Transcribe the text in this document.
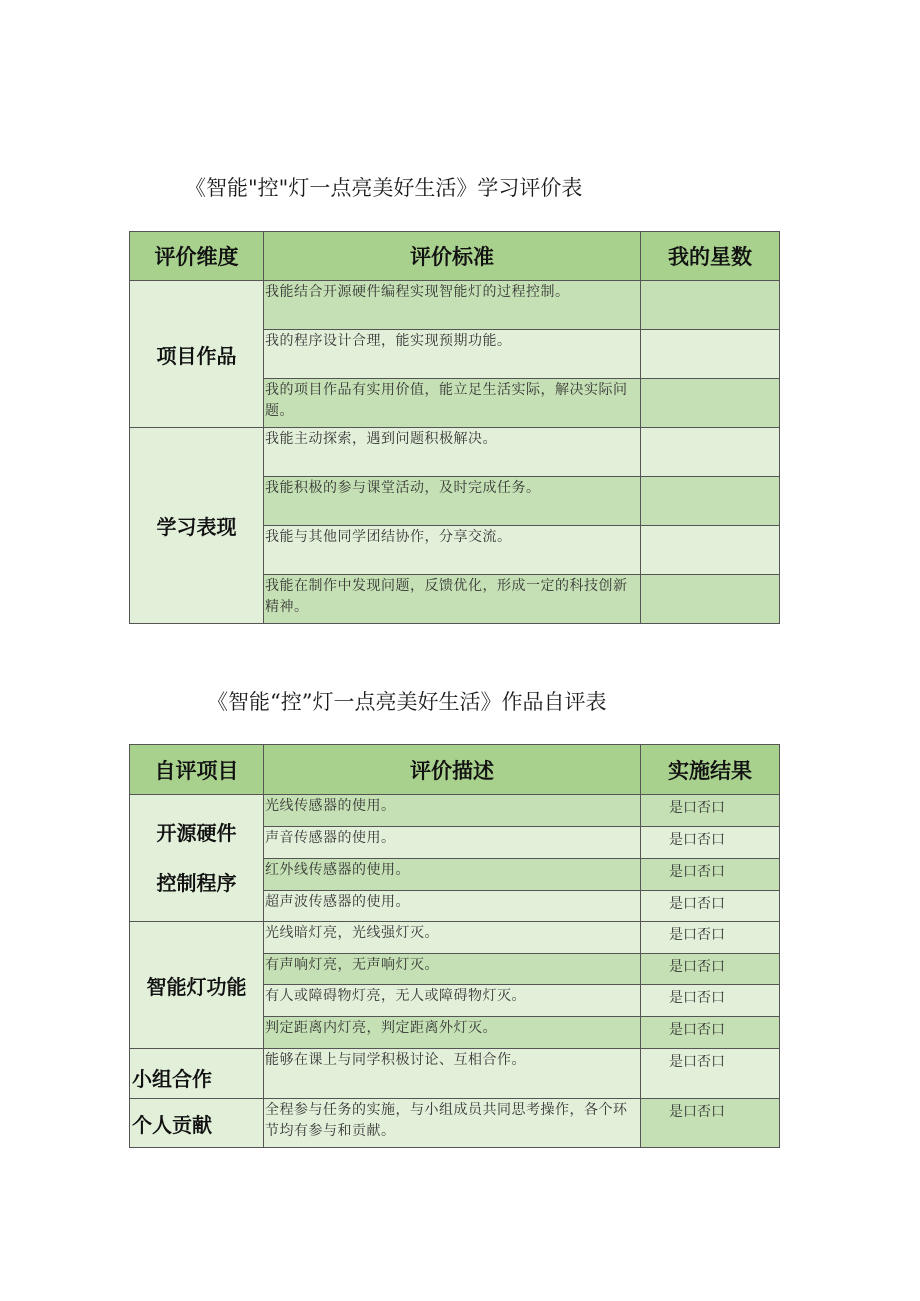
《智能"控"灯一点亮美好生活》学习评价表
评价维度	评价标准	我的星数
项目作品	我能结合开源硬件编程实现智能灯的过程控制。	
	我的程序设计合理，能实现预期功能。	
	我的项目作品有实用价值，能立足生活实际，解决实际问题。	
学习表现	我能主动探索，遇到问题积极解决。	
	我能积极的参与课堂活动，及时完成任务。	
	我能与其他同学团结协作，分享交流。	
	我能在制作中发现问题，反馈优化，形成一定的科技创新精神。	
《智能“控”灯一点亮美好生活》作品自评表
自评项目	评价描述	实施结果

开源硬件
控制程序	光线传感器的使用。	是口否口
	声音传感器的使用。	是口否口
	红外线传感器的使用。	是口否口
	超声波传感器的使用。	是口否口
智能灯功能	光线暗灯亮，光线强灯灭。	是口否口
	有声响灯亮，无声响灯灭。	是口否口
	有人或障碍物灯亮，无人或障碍物灯灭。	是口否口
	判定距离内灯亮，判定距离外灯灭。	是口否口
小组合作	能够在课上与同学积极讨论、互相合作。	是口否口
个人贡献	全程参与任务的实施，与小组成员共同思考操作，各个环节均有参与和贡献。	是口否口
